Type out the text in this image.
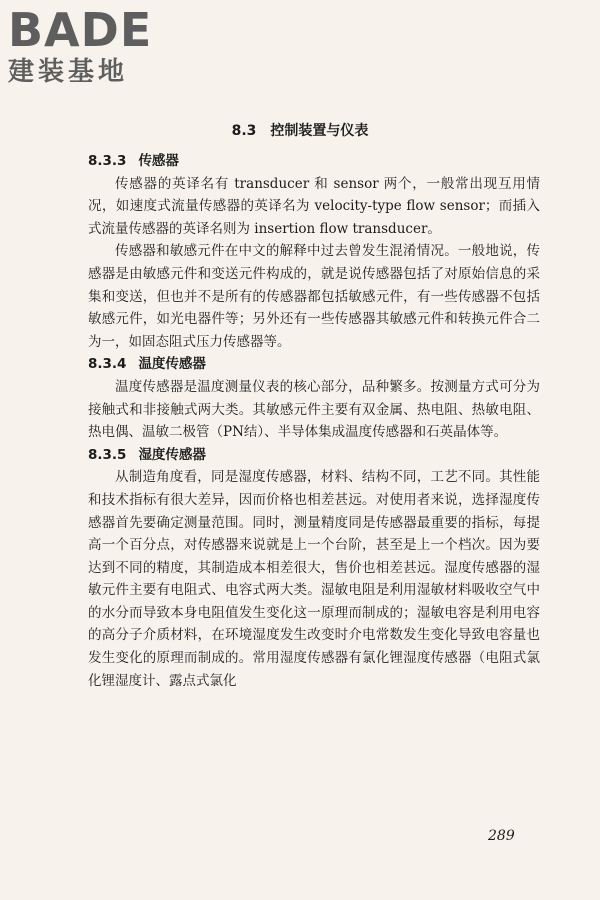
BADE
建装基地
8.3 控制装置与仪表
8.3.3 传感器

传感器的英译名有 transducer 和 sensor 两个，一般常出现互用情况，如速度式流量传感器的英译名为 velocity-type flow sensor；而插入式流量传感器的英译名则为 insertion flow transducer。

传感器和敏感元件在中文的解释中过去曾发生混淆情况。一般地说，传感器是由敏感元件和变送元件构成的，就是说传感器包括了对原始信息的采集和变送，但也并不是所有的传感器都包括敏感元件，有一些传感器不包括敏感元件，如光电器件等；另外还有一些传感器其敏感元件和转换元件合二为一，如固态阻式压力传感器等。

8.3.4 温度传感器

温度传感器是温度测量仪表的核心部分，品种繁多。按测量方式可分为接触式和非接触式两大类。其敏感元件主要有双金属、热电阻、热敏电阻、热电偶、温敏二极管（PN结）、半导体集成温度传感器和石英晶体等。

8.3.5 湿度传感器

从制造角度看，同是湿度传感器，材料、结构不同，工艺不同。其性能和技术指标有很大差异，因而价格也相差甚远。对使用者来说，选择湿度传感器首先要确定测量范围。同时，测量精度同是传感器最重要的指标，每提高一个百分点，对传感器来说就是上一个台阶，甚至是上一个档次。因为要达到不同的精度，其制造成本相差很大，售价也相差甚远。湿度传感器的湿敏元件主要有电阻式、电容式两大类。湿敏电阻是利用湿敏材料吸收空气中的水分而导致本身电阻值发生变化这一原理而制成的；湿敏电容是利用电容的高分子介质材料，在环境湿度发生改变时介电常数发生变化导致电容量也发生变化的原理而制成的。常用湿度传感器有氯化锂湿度传感器（电阻式氯化锂湿度计、露点式氯化

289
